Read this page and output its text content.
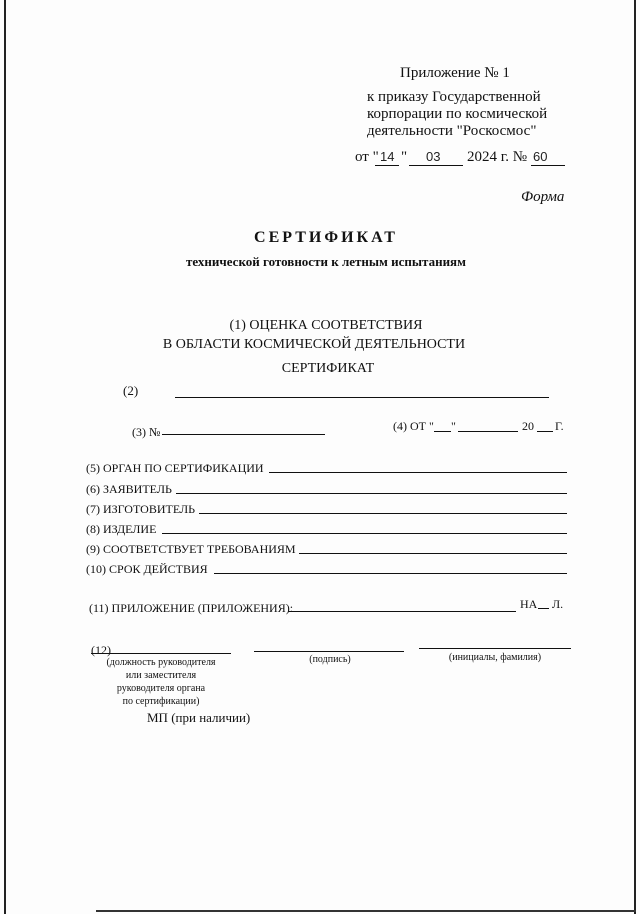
Приложение № 1
к приказу Государственной
корпорации по космической
деятельности "Роскосмос"
от " 14 " 03 2024 г. № 60
Форма
СЕРТИФИКАТ
технической готовности к летным испытаниям
(1) ОЦЕНКА СООТВЕТСТВИЯ
В ОБЛАСТИ КОСМИЧЕСКОЙ ДЕЯТЕЛЬНОСТИ
СЕРТИФИКАТ
(2)
(3) №	(4) ОТ " "	20 Г.
(5) ОРГАН ПО СЕРТИФИКАЦИИ
(6) ЗАЯВИТЕЛЬ
(7) ИЗГОТОВИТЕЛЬ
(8) ИЗДЕЛИЕ
(9) СООТВЕТСТВУЕТ ТРЕБОВАНИЯМ
(10) СРОК ДЕЙСТВИЯ
(11) ПРИЛОЖЕНИЕ (ПРИЛОЖЕНИЯ):	НА Л.
(12)
(должность руководителя
или заместителя
руководителя органа
по сертификации)
(подпись)	(инициалы, фамилия)
МП (при наличии)
